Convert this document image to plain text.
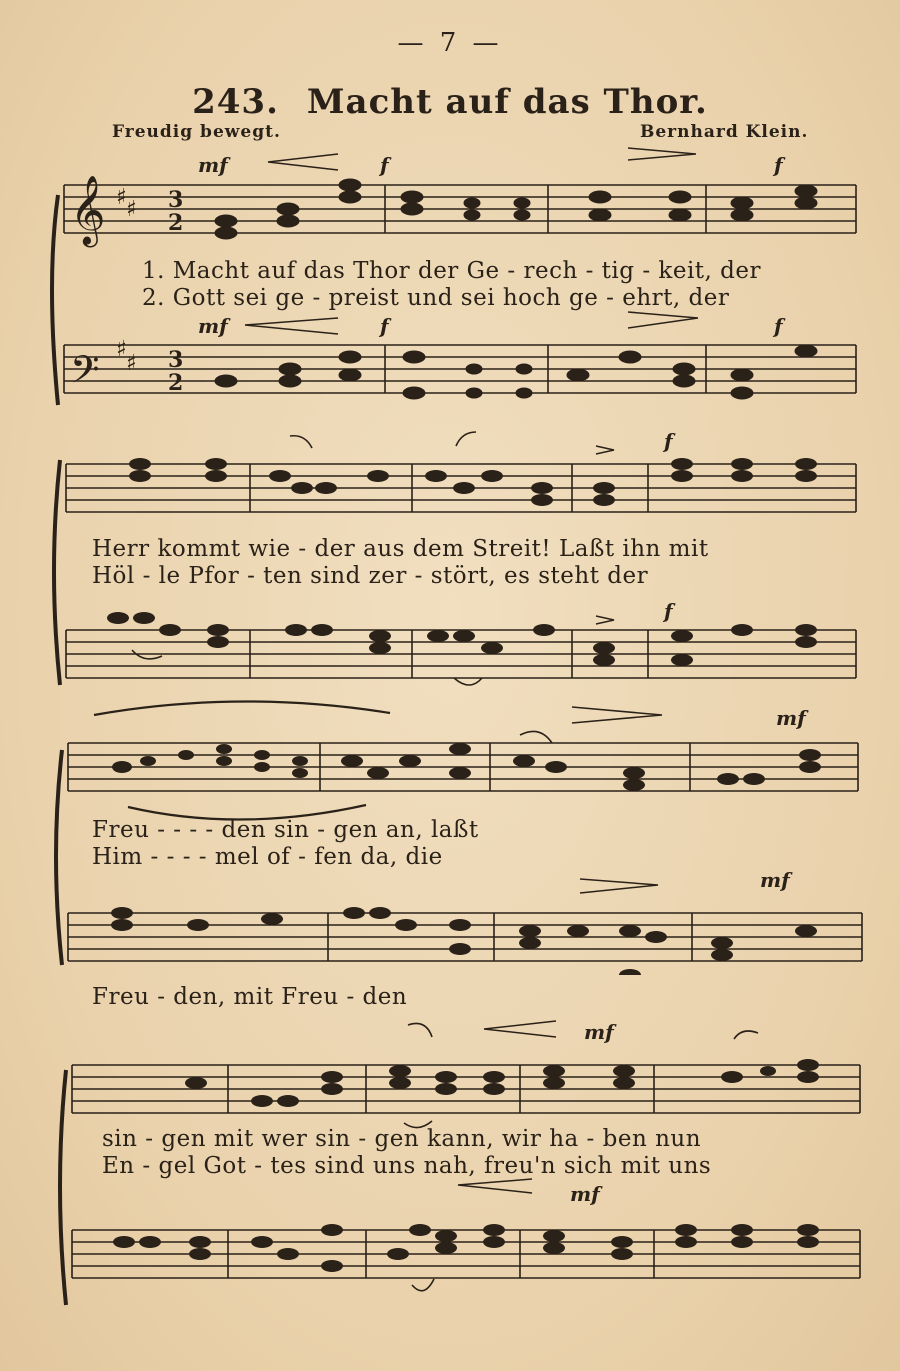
— 7 —
243. Macht auf das Thor.
Freudig bewegt.	Bernhard Klein.
𝄞
𝄢
♯ ♯
♯
♯
3
2
3
2
mf	f	f
mf	f	f
1. Macht auf das Thor der Ge - rech - tig - keit, der
2. Gott sei ge - preist und sei hoch ge - ehrt, der
f
f
Herr kommt wie - der aus dem Streit! Laßt ihn mit
Höl - le Pfor - ten sind zer - stört, es steht der
mf
mf
Freu - - - - den sin - gen an, laßt
Him - - - - mel of - fen da, die
Freu - den, mit Freu - den
mf
mf
sin - gen mit wer sin - gen kann, wir ha - ben nun
En - gel Got - tes sind uns nah, freu'n sich mit uns
